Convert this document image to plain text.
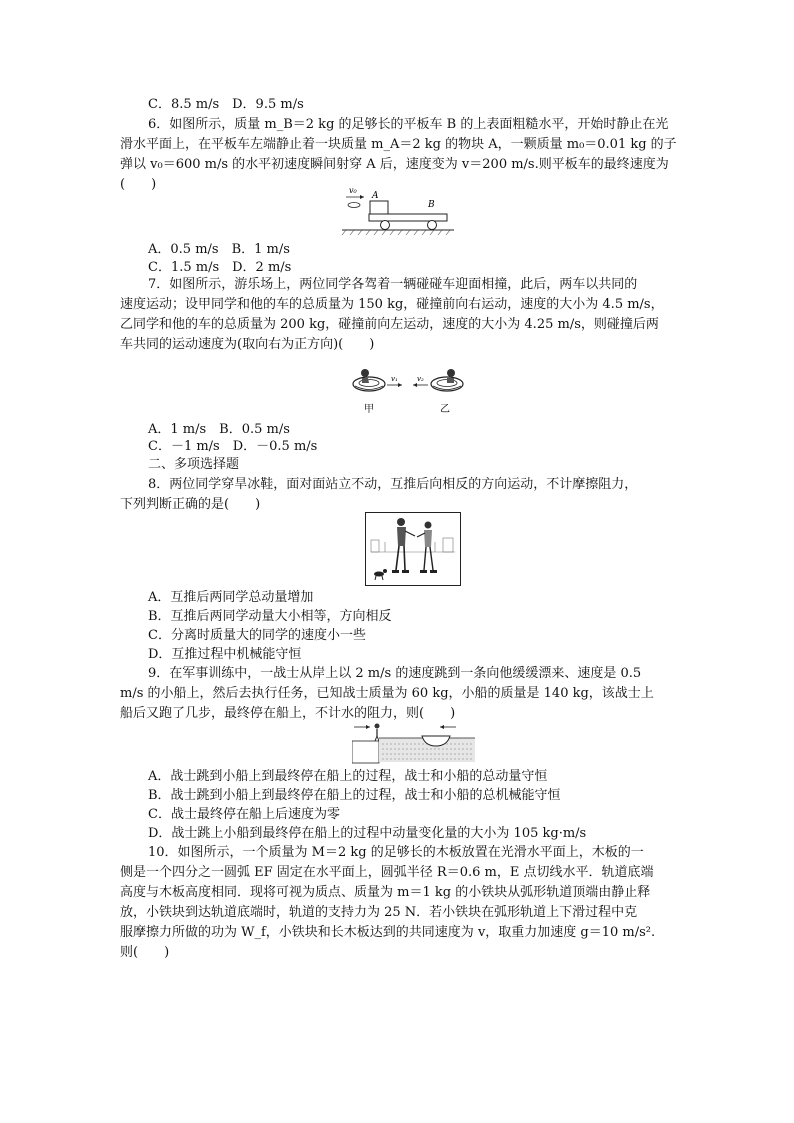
C．8.5 m/s　D．9.5 m/s
6．如图所示，质量 m_B＝2 kg 的足够长的平板车 B 的上表面粗糙水平，开始时静止在光
滑水平面上，在平板车左端静止着一块质量 m_A＝2 kg 的物块 A，一颗质量 m₀＝0.01 kg 的子
弹以 v₀＝600 m/s 的水平初速度瞬间射穿 A 后，速度变为 v＝200 m/s.则平板车的最终速度为
(　　)	v₀
A
B
A．0.5 m/s　B．1 m/s
C．1.5 m/s　D．2 m/s
7．如图所示，游乐场上，两位同学各驾着一辆碰碰车迎面相撞，此后，两车以共同的
速度运动；设甲同学和他的车的总质量为 150 kg，碰撞前向右运动，速度的大小为 4.5 m/s，
乙同学和他的车的总质量为 200 kg，碰撞前向左运动，速度的大小为 4.25 m/s，则碰撞后两
车共同的运动速度为(取向右为正方向)(　　)
v₁	v₂
甲	乙
A．1 m/s　B．0.5 m/s
C．－1 m/s　D．－0.5 m/s
二、多项选择题
8．两位同学穿旱冰鞋，面对面站立不动，互推后向相反的方向运动，不计摩擦阻力，
下列判断正确的是(　　)
A．互推后两同学总动量增加
B．互推后两同学动量大小相等，方向相反
C．分离时质量大的同学的速度小一些
D．互推过程中机械能守恒
9．在军事训练中，一战士从岸上以 2 m/s 的速度跳到一条向他缓缓漂来、速度是 0.5
m/s 的小船上，然后去执行任务，已知战士质量为 60 kg，小船的质量是 140 kg，该战士上
船后又跑了几步，最终停在船上，不计水的阻力，则(　　)
A．战士跳到小船上到最终停在船上的过程，战士和小船的总动量守恒
B．战士跳到小船上到最终停在船上的过程，战士和小船的总机械能守恒
C．战士最终停在船上后速度为零
D．战士跳上小船到最终停在船上的过程中动量变化量的大小为 105 kg·m/s
10．如图所示，一个质量为 M＝2 kg 的足够长的木板放置在光滑水平面上，木板的一
侧是一个四分之一圆弧 EF 固定在水平面上，圆弧半径 R＝0.6 m，E 点切线水平．轨道底端
高度与木板高度相同．现将可视为质点、质量为 m＝1 kg 的小铁块从弧形轨道顶端由静止释
放，小铁块到达轨道底端时，轨道的支持力为 25 N．若小铁块在弧形轨道上下滑过程中克
服摩擦力所做的功为 W_f，小铁块和长木板达到的共同速度为 v，取重力加速度 g＝10 m/s².
则(　　)
